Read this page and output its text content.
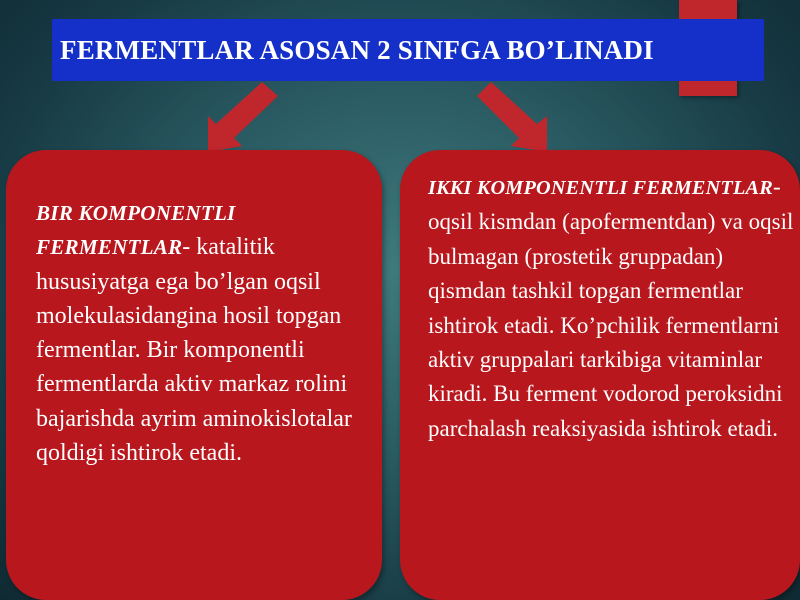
FERMENTLAR ASOSAN 2 SINFGA BO’LINADI

BIR KOMPONENTLI FERMENTLAR- katalitik hususiyatga ega bo’lgan oqsil molekulasidangina hosil topgan fermentlar. Bir komponentli fermentlarda aktiv markaz rolini bajarishda ayrim aminokislotalar qoldigi ishtirok etadi.

IKKI KOMPONENTLI FERMENTLAR- oqsil kismdan (apofermentdan) va oqsil bulmagan (prostetik gruppadan) qismdan tashkil topgan fermentlar ishtirok etadi. Ko’pchilik fermentlarni aktiv gruppalari tarkibiga vitaminlar kiradi. Bu ferment vodorod peroksidni parchalash reaksiyasida ishtirok etadi.
